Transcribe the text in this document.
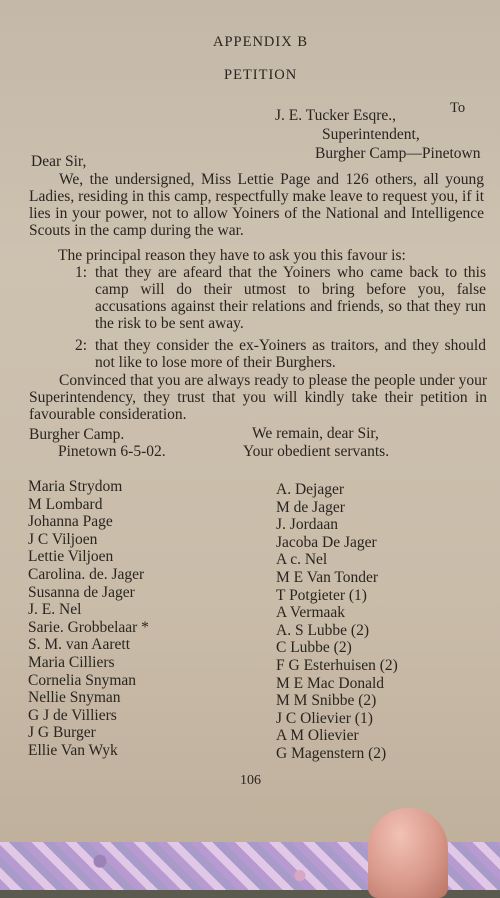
APPENDIX B
PETITION
To
J. E. Tucker Esqre.,
Superintendent,
Burgher Camp—Pinetown
Dear Sir,
We, the undersigned, Miss Lettie Page and 126 others, all young Ladies, residing in this camp, respectfully make leave to request you, if it lies in your power, not to allow Yoiners of the National and Intelligence Scouts in the camp during the war.
The principal reason they have to ask you this favour is:
1: that they are afeard that the Yoiners who came back to this camp will do their utmost to bring before you, false accusations against their relations and friends, so that they run the risk to be sent away.
2: that they consider the ex-Yoiners as traitors, and they should not like to lose more of their Burghers.
Convinced that you are always ready to please the people under your Superintendency, they trust that you will kindly take their petition in favourable consideration.
Burgher Camp.
Pinetown 6-5-02.
We remain, dear Sir,
Your obedient servants.
Maria Strydom
M Lombard
Johanna Page
J C Viljoen
Lettie Viljoen
Carolina. de. Jager
Susanna de Jager
J. E. Nel
Sarie. Grobbelaar *
S. M. van Aarett
Maria Cilliers
Cornelia Snyman
Nellie Snyman
G J de Villiers
J G Burger
Ellie Van Wyk
A. Dejager
M de Jager
J. Jordaan
Jacoba De Jager
A c. Nel
M E Van Tonder
T Potgieter (1)
A Vermaak
A. S Lubbe (2)
C Lubbe (2)
F G Esterhuisen (2)
M E Mac Donald
M M Snibbe (2)
J C Olievier (1)
A M Olievier
G Magenstern (2)
106
